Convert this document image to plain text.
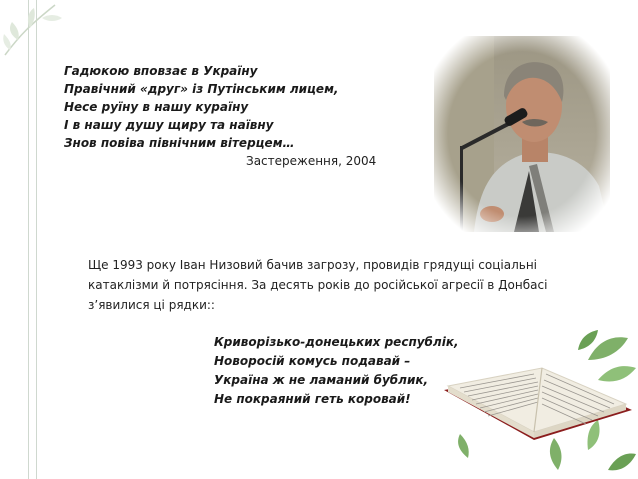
Гадюкою вповзає в Україну
Правічний «друг» із Путінським лицем,
Несе руїну в нашу кураїну
І в нашу душу щиру та наївну
Знов повіва північним вітерцем…
Застереження, 2004
Ще 1993 року Іван Низовий бачив загрозу, провидів грядущі соціальні катаклізми й потрясіння. За десять років до російської агресії в Донбасі з’явилися ці рядки::
Криворізько-донецьких республік,
Новоросій комусь подавай –
Україна ж не ламаний бублик,
Не покраяний геть коровай!
